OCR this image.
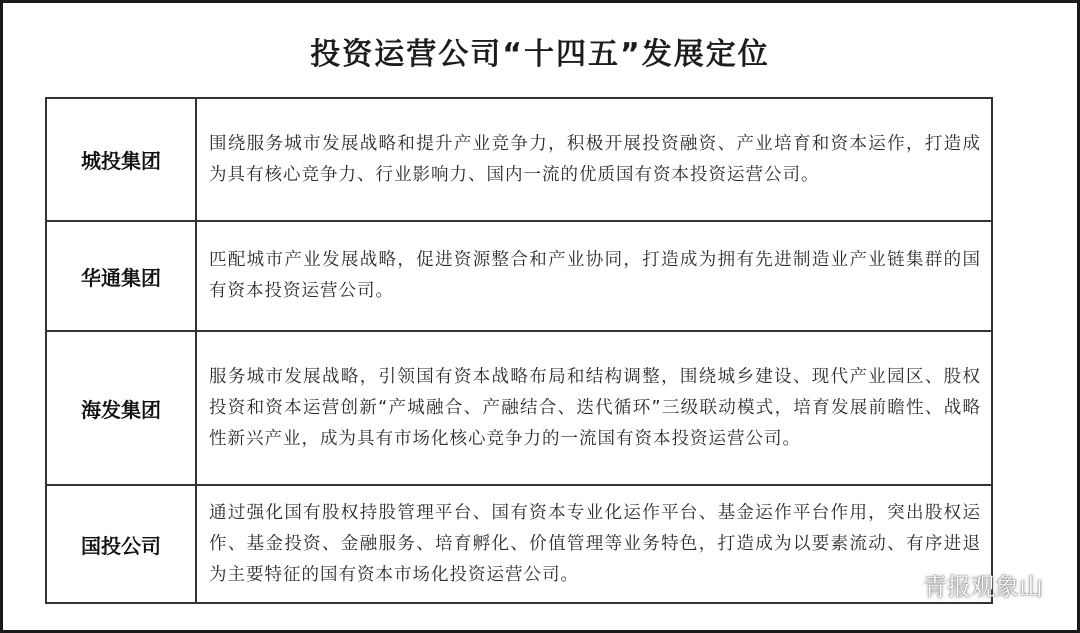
投资运营公司“十四五”发展定位
城投集团	围绕服务城市发展战略和提升产业竞争力，积极开展投资融资、产业培育和资本运作，打造成为具有核心竞争力、行业影响力、国内一流的优质国有资本投资运营公司。
华通集团	匹配城市产业发展战略，促进资源整合和产业协同，打造成为拥有先进制造业产业链集群的国有资本投资运营公司。
海发集团	服务城市发展战略，引领国有资本战略布局和结构调整，围绕城乡建设、现代产业园区、股权投资和资本运营创新“产城融合、产融结合、迭代循环”三级联动模式，培育发展前瞻性、战略性新兴产业，成为具有市场化核心竞争力的一流国有资本投资运营公司。
国投公司	通过强化国有股权持股管理平台、国有资本专业化运作平台、基金运作平台作用，突出股权运作、基金投资、金融服务、培育孵化、价值管理等业务特色，打造成为以要素流动、有序进退为主要特征的国有资本市场化投资运营公司。	青报观象山
